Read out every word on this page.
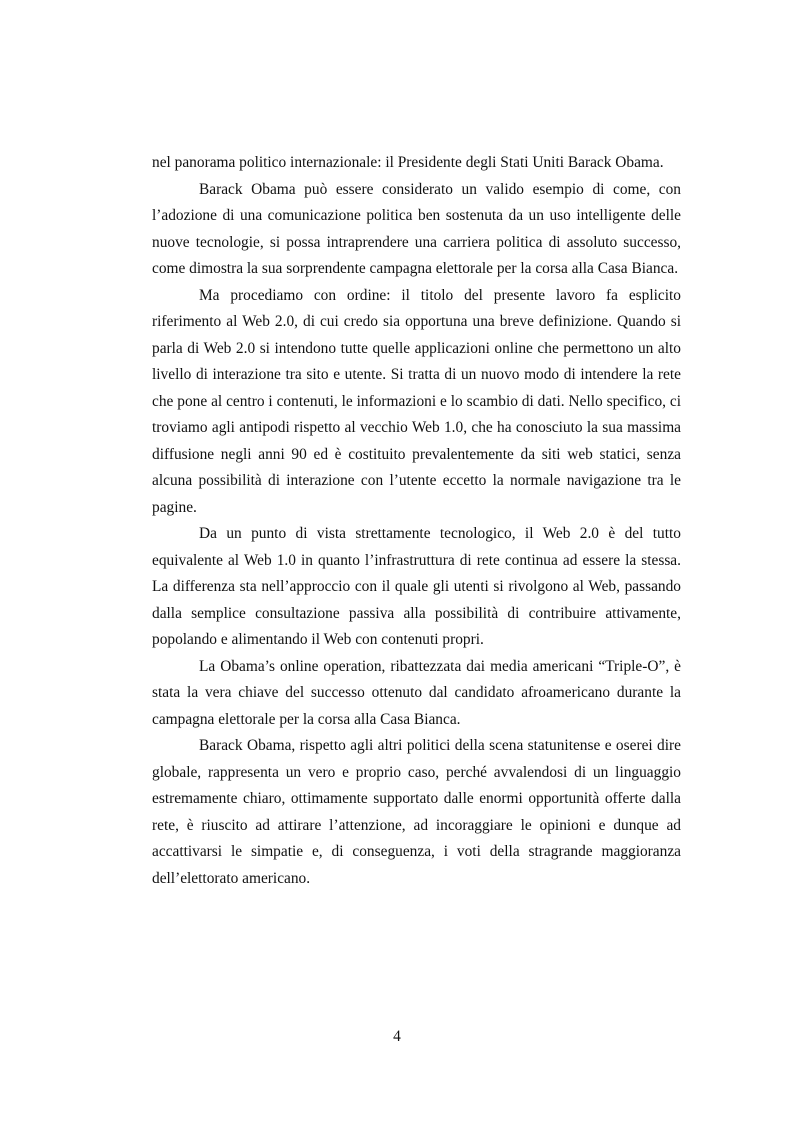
nel panorama politico internazionale: il Presidente degli Stati Uniti Barack Obama.

Barack Obama può essere considerato un valido esempio di come, con l’adozione di una comunicazione politica ben sostenuta da un uso intelligente delle nuove tecnologie, si possa intraprendere una carriera politica di assoluto successo, come dimostra la sua sorprendente campagna elettorale per la corsa alla Casa Bianca.

Ma procediamo con ordine: il titolo del presente lavoro fa esplicito riferimento al Web 2.0, di cui credo sia opportuna una breve definizione. Quando si parla di Web 2.0 si intendono tutte quelle applicazioni online che permettono un alto livello di interazione tra sito e utente. Si tratta di un nuovo modo di intendere la rete che pone al centro i contenuti, le informazioni e lo scambio di dati. Nello specifico, ci troviamo agli antipodi rispetto al vecchio Web 1.0, che ha conosciuto la sua massima diffusione negli anni 90 ed è costituito prevalentemente da siti web statici, senza alcuna possibilità di interazione con l’utente eccetto la normale navigazione tra le pagine.

Da un punto di vista strettamente tecnologico, il Web 2.0 è del tutto equivalente al Web 1.0 in quanto l’infrastruttura di rete continua ad essere la stessa. La differenza sta nell’approccio con il quale gli utenti si rivolgono al Web, passando dalla semplice consultazione passiva alla possibilità di contribuire attivamente, popolando e alimentando il Web con contenuti propri.

La Obama’s online operation, ribattezzata dai media americani “Triple-O”, è stata la vera chiave del successo ottenuto dal candidato afroamericano durante la campagna elettorale per la corsa alla Casa Bianca.

Barack Obama, rispetto agli altri politici della scena statunitense e oserei dire globale, rappresenta un vero e proprio caso, perché avvalendosi di un linguaggio estremamente chiaro, ottimamente supportato dalle enormi opportunità offerte dalla rete, è riuscito ad attirare l’attenzione, ad incoraggiare le opinioni e dunque ad accattivarsi le simpatie e, di conseguenza, i voti della stragrande maggioranza dell’elettorato americano.

4
